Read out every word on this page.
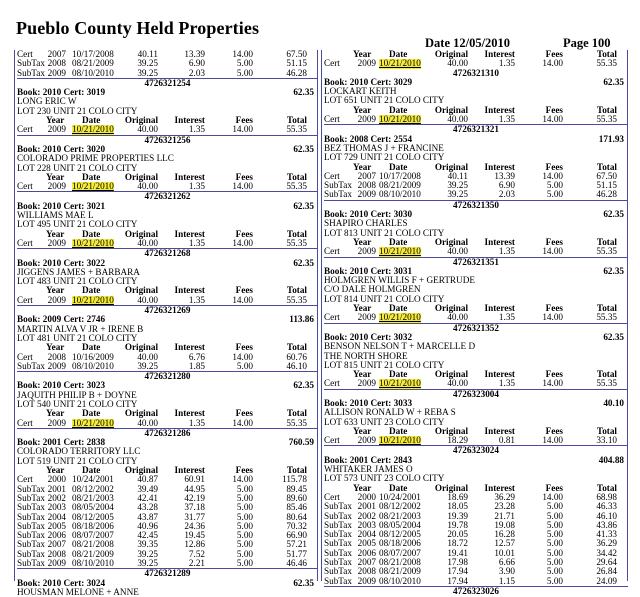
Pueblo County Held Properties
Date 12/05/2010	Page 100
Cert 2007 10/17/2008	40.11	13.39	14.00	67.50
SubTax 2008 08/21/2009	39.25	6.90	5.00	51.15
SubTax 2009 08/10/2010	39.25	2.03	5.00	46.28
4726321254
Book: 2010 Cert: 3019	62.35
LONG ERIC W
LOT 230 UNIT 21 COLO CITY
Year Date	Original Interest	Fees	Total
Cert 2009 10/21/2010	40.00	1.35	14.00	55.35
4726321256
Book: 2010 Cert: 3020	62.35
COLORADO PRIME PROPERTIES LLC
LOT 228 UNIT 21 COLO CITY
Year Date	Original Interest	Fees	Total
Cert 2009 10/21/2010	40.00	1.35	14.00	55.35
4726321262
Book: 2010 Cert: 3021	62.35
WILLIAMS MAE L
LOT 495 UNIT 21 COLO CITY
Year Date	Original Interest	Fees	Total
Cert 2009 10/21/2010	40.00	1.35	14.00	55.35
4726321268
Book: 2010 Cert: 3022	62.35
JIGGENS JAMES + BARBARA
LOT 483 UNIT 21 COLO CITY
Year Date	Original Interest	Fees	Total
Cert 2009 10/21/2010	40.00	1.35	14.00	55.35
4726321269
Book: 2009 Cert: 2746	113.86
MARTIN ALVA V JR + IRENE B
LOT 481 UNIT 21 COLO CITY
Year Date	Original Interest	Fees	Total
Cert 2008 10/16/2009	40.00	6.76	14.00	60.76
SubTax 2009 08/10/2010	39.25	1.85	5.00	46.10
4726321280
Book: 2010 Cert: 3023	62.35
JAQUITH PHILIP B + DOYNE
LOT 540 UNIT 21 COLO CITY
Year Date	Original Interest	Fees	Total
Cert 2009 10/21/2010	40.00	1.35	14.00	55.35
4726321286
Book: 2001 Cert: 2838	760.59
COLORADO TERRITORY LLC
LOT 519 UNIT 21 COLO CITY
Year Date	Original Interest	Fees	Total
Cert 2000 10/24/2001	40.87	60.91	14.00	115.78
SubTax 2001 08/12/2002	39.49	44.95	5.00	89.45
SubTax 2002 08/21/2003	42.41	42.19	5.00	89.60
SubTax 2003 08/05/2004	43.28	37.18	5.00	85.46
SubTax 2004 08/12/2005	43.87	31.77	5.00	80.64
SubTax 2005 08/18/2006	40.96	24.36	5.00	70.32
SubTax 2006 08/07/2007	42.45	19.45	5.00	66.90
SubTax 2007 08/21/2008	39.35	12.86	5.00	57.21
SubTax 2008 08/21/2009	39.25	7.52	5.00	51.77
SubTax 2009 08/10/2010	39.25	2.21	5.00	46.46
4726321289
Book: 2010 Cert: 3024	62.35
HOUSMAN MELONE + ANNE
Year Date	Original Interest	Fees	Total
Cert 2009 10/21/2010	40.00	1.35	14.00	55.35
4726321310
Book: 2010 Cert: 3029	62.35
LOCKART KEITH
LOT 651 UNIT 21 COLO CITY
Year Date	Original Interest	Fees	Total
Cert 2009 10/21/2010	40.00	1.35	14.00	55.35
4726321321
Book: 2008 Cert: 2554	171.93
BEZ THOMAS J + FRANCINE
LOT 729 UNIT 21 COLO CITY
Year Date	Original Interest	Fees	Total
Cert 2007 10/17/2008	40.11	13.39	14.00	67.50
SubTax 2008 08/21/2009	39.25	6.90	5.00	51.15
SubTax 2009 08/10/2010	39.25	2.03	5.00	46.28
4726321350
Book: 2010 Cert: 3030	62.35
SHAPIRO CHARLES
LOT 813 UNIT 21 COLO CITY
Year Date	Original Interest	Fees	Total
Cert 2009 10/21/2010	40.00	1.35	14.00	55.35
4726321351
Book: 2010 Cert: 3031	62.35
HOLMGREN WILLIS F + GERTRUDE
C/O DALE HOLMGREN
LOT 814 UNIT 21 COLO CITY
Year Date	Original Interest	Fees	Total
Cert 2009 10/21/2010	40.00	1.35	14.00	55.35
4726321352
Book: 2010 Cert: 3032	62.35
BENSON NELSON T + MARCELLE D
THE NORTH SHORE
LOT 815 UNIT 21 COLO CITY
Year Date	Original Interest	Fees	Total
Cert 2009 10/21/2010	40.00	1.35	14.00	55.35
4726323004
Book: 2010 Cert: 3033	40.10
ALLISON RONALD W + REBA S
LOT 633 UNIT 23 COLO CITY
Year Date	Original Interest	Fees	Total
Cert 2009 10/21/2010	18.29	0.81	14.00	33.10
4726323024
Book: 2001 Cert: 2843	404.88
WHITAKER JAMES O
LOT 573 UNIT 23 COLO CITY
Year Date	Original Interest	Fees	Total
Cert 2000 10/24/2001	18.69	36.29	14.00	68.98
SubTax 2001 08/12/2002	18.05	23.28	5.00	46.33
SubTax 2002 08/21/2003	19.39	21.71	5.00	46.10
SubTax 2003 08/05/2004	19.78	19.08	5.00	43.86
SubTax 2004 08/12/2005	20.05	16.28	5.00	41.33
SubTax 2005 08/18/2006	18.72	12.57	5.00	36.29
SubTax 2006 08/07/2007	19.41	10.01	5.00	34.42
SubTax 2007 08/21/2008	17.98	6.66	5.00	29.64
SubTax 2008 08/21/2009	17.94	3.90	5.00	26.84
SubTax 2009 08/10/2010	17.94	1.15	5.00	24.09
4726323026
